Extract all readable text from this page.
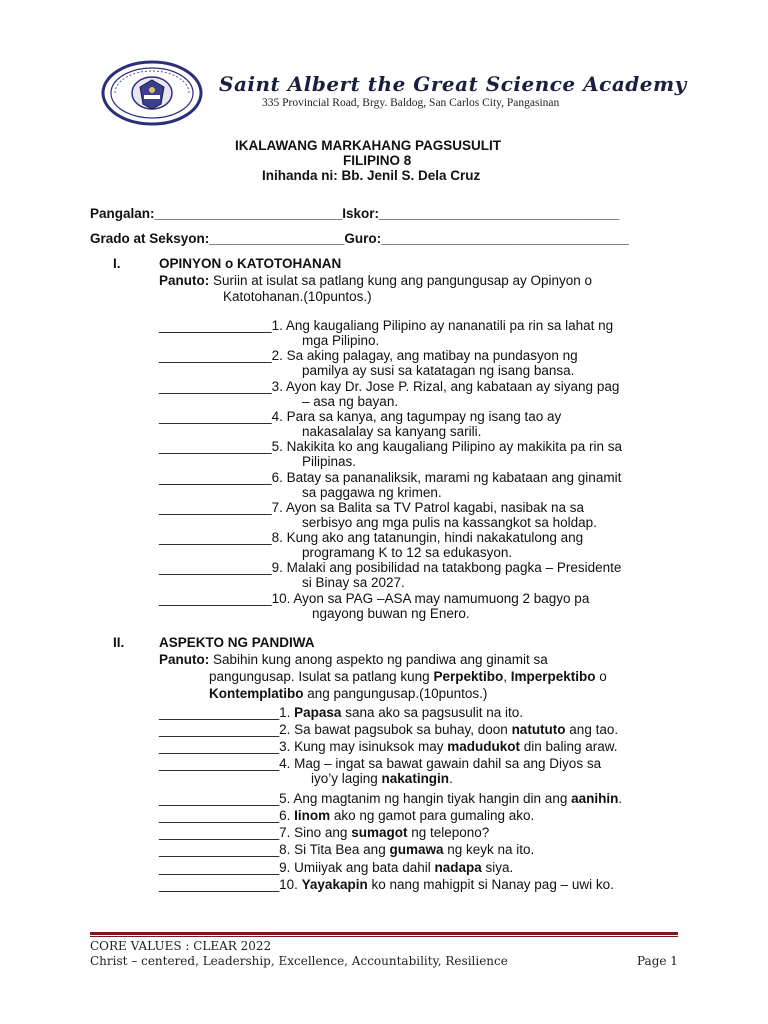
Saint Albert the Great Science Academy
335 Provincial Road, Brgy. Baldog, San Carlos City, Pangasinan
IKALAWANG MARKAHANG PAGSUSULIT
FILIPINO 8
Inihanda ni: Bb. Jenil S. Dela Cruz
Pangalan:_________________________Iskor:________________________________
Grado at Seksyon:__________________Guro:_________________________________
I.	OPINYON o KATOTOHANAN
Panuto: Suriin at isulat sa patlang kung ang pangungusap ay Opinyon o
Katotohanan.(10puntos.)
_______________1. Ang kaugaliang Pilipino ay nananatili pa rin sa lahat ng
mga Pilipino.
_______________2. Sa aking palagay, ang matibay na pundasyon ng
pamilya ay susi sa katatagan ng isang bansa.
_______________3. Ayon kay Dr. Jose P. Rizal, ang kabataan ay siyang pag
– asa ng bayan.
_______________4. Para sa kanya, ang tagumpay ng isang tao ay
nakasalalay sa kanyang sarili.
_______________5. Nakikita ko ang kaugaliang Pilipino ay makikita pa rin sa
Pilipinas.
_______________6. Batay sa pananaliksik, marami ng kabataan ang ginamit
sa paggawa ng krimen.
_______________7. Ayon sa Balita sa TV Patrol kagabi, nasibak na sa
serbisyo ang mga pulis na kassangkot sa holdap.
_______________8. Kung ako ang tatanungin, hindi nakakatulong ang
programang K to 12 sa edukasyon.
_______________9. Malaki ang posibilidad na tatakbong pagka – Presidente
si Binay sa 2027.
_______________10. Ayon sa PAG –ASA may namumuong 2 bagyo pa
ngayong buwan ng Enero.
II.	ASPEKTO NG PANDIWA
Panuto: Sabihin kung anong aspekto ng pandiwa ang ginamit sa
pangungusap. Isulat sa patlang kung Perpektibo, Imperpektibo o
Kontemplatibo ang pangungusap.(10puntos.)
________________1. Papasa sana ako sa pagsusulit na ito.
________________2. Sa bawat pagsubok sa buhay, doon natututo ang tao.
________________3. Kung may isinuksok may madudukot din baling araw.
________________4. Mag – ingat sa bawat gawain dahil sa ang Diyos sa
iyo’y laging nakatingin.
________________5. Ang magtanim ng hangin tiyak hangin din ang aanihin.
________________6. Iinom ako ng gamot para gumaling ako.
________________7. Sino ang sumagot ng telepono?
________________8. Si Tita Bea ang gumawa ng keyk na ito.
________________9. Umiiyak ang bata dahil nadapa siya.
________________10. Yayakapin ko nang mahigpit si Nanay pag – uwi ko.
CORE VALUES : CLEAR 2022
Christ – centered, Leadership, Excellence, Accountability, Resilience	Page 1
